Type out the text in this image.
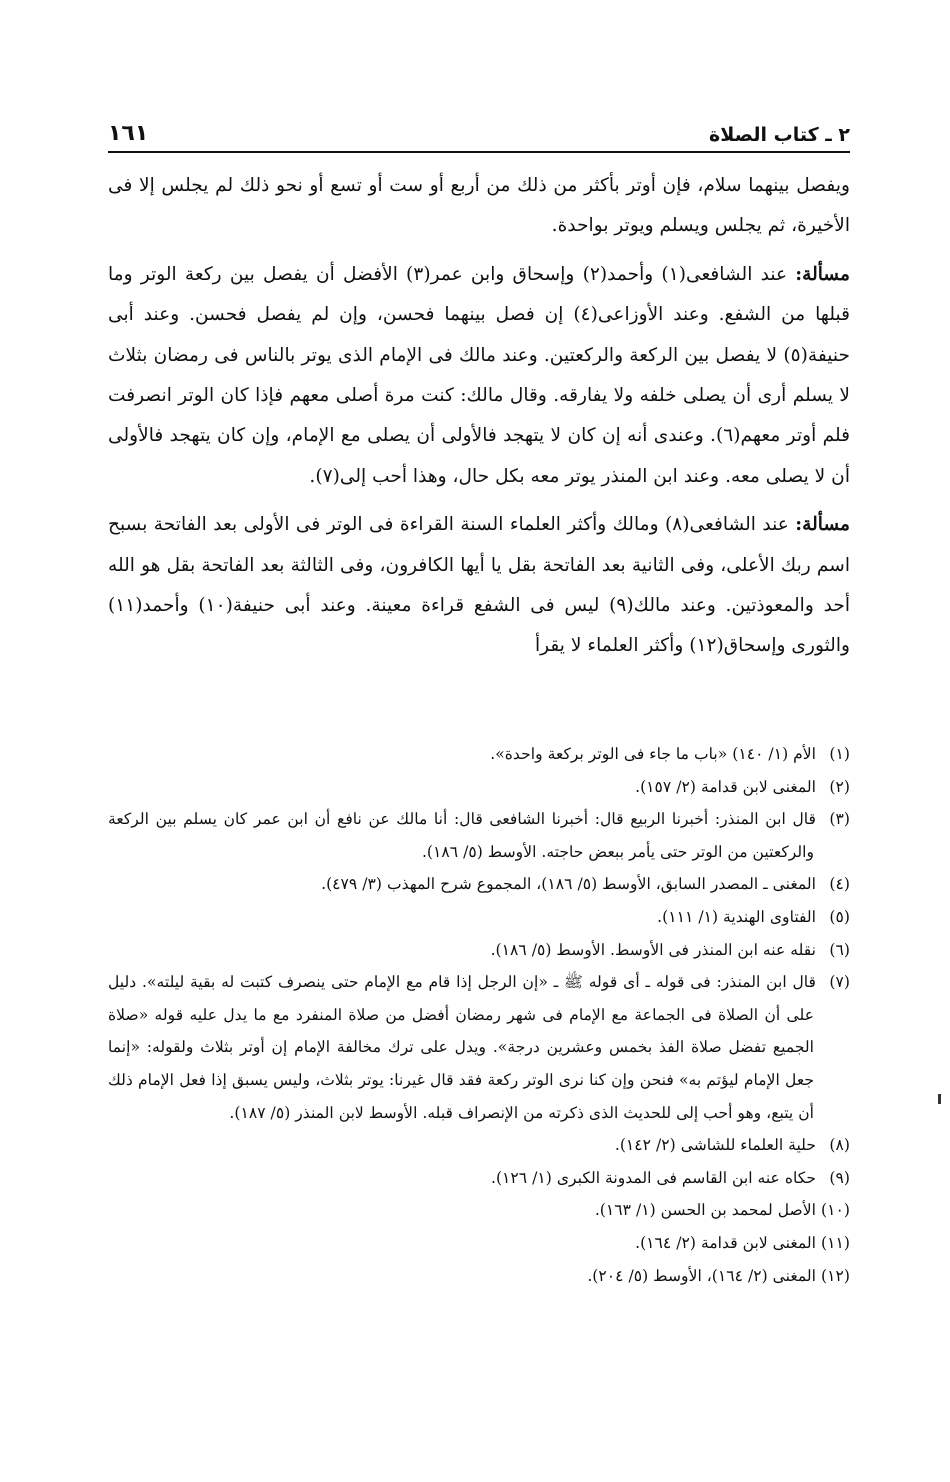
٢ ـ كتاب الصلاة
١٦١

ويفصل بينهما سلام، فإن أوتر بأكثر من ذلك من أربع أو ست أو تسع أو نحو ذلك لم يجلس إلا فى الأخيرة، ثم يجلس ويسلم ويوتر بواحدة.

مسألة: عند الشافعى(١) وأحمد(٢) وإسحاق وابن عمر(٣) الأفضل أن يفصل بين ركعة الوتر وما قبلها من الشفع. وعند الأوزاعى(٤) إن فصل بينهما فحسن، وإن لم يفصل فحسن. وعند أبى حنيفة(٥) لا يفصل بين الركعة والركعتين. وعند مالك فى الإمام الذى يوتر بالناس فى رمضان بثلاث لا يسلم أرى أن يصلى خلفه ولا يفارقه. وقال مالك: كنت مرة أصلى معهم فإذا كان الوتر انصرفت فلم أوتر معهم(٦). وعندى أنه إن كان لا يتهجد فالأولى أن يصلى مع الإمام، وإن كان يتهجد فالأولى أن لا يصلى معه. وعند ابن المنذر يوتر معه بكل حال، وهذا أحب إلى(٧).

مسألة: عند الشافعى(٨) ومالك وأكثر العلماء السنة القراءة فى الوتر فى الأولى بعد الفاتحة بسبح اسم ربك الأعلى، وفى الثانية بعد الفاتحة بقل يا أيها الكافرون، وفى الثالثة بعد الفاتحة بقل هو الله أحد والمعوذتين. وعند مالك(٩) ليس فى الشفع قراءة معينة. وعند أبى حنيفة(١٠) وأحمد(١١) والثورى وإسحاق(١٢) وأكثر العلماء لا يقرأ

(١)الأم (١/ ١٤٠) «باب ما جاء فى الوتر بركعة واحدة».

(٢)المغنى لابن قدامة (٢/ ١٥٧).

(٣)قال ابن المنذر: أخبرنا الربيع قال: أخبرنا الشافعى قال: أنا مالك عن نافع أن ابن عمر كان يسلم بين الركعة والركعتين من الوتر حتى يأمر ببعض حاجته. الأوسط (٥/ ١٨٦).

(٤)المغنى ـ المصدر السابق، الأوسط (٥/ ١٨٦)، المجموع شرح المهذب (٣/ ٤٧٩).

(٥)الفتاوى الهندية (١/ ١١١).

(٦)نقله عنه ابن المنذر فى الأوسط. الأوسط (٥/ ١٨٦).

(٧)قال ابن المنذر: فى قوله ـ أى قوله ﷺ ـ «إن الرجل إذا قام مع الإمام حتى ينصرف كتبت له بقية ليلته». دليل على أن الصلاة فى الجماعة مع الإمام فى شهر رمضان أفضل من صلاة المنفرد مع ما يدل عليه قوله «صلاة الجميع تفضل صلاة الفذ بخمس وعشرين درجة». ويدل على ترك مخالفة الإمام إن أوتر بثلاث ولقوله: «إنما جعل الإمام ليؤتم به» فنحن وإن كنا نرى الوتر ركعة فقد قال غيرنا: يوتر بثلاث، وليس يسبق إذا فعل الإمام ذلك أن يتبع، وهو أحب إلى للحديث الذى ذكرته من الإنصراف قبله. الأوسط لابن المنذر (٥/ ١٨٧).

(٨)حلية العلماء للشاشى (٢/ ١٤٢).

(٩)حكاه عنه ابن القاسم فى المدونة الكبرى (١/ ١٢٦).

(١٠)الأصل لمحمد بن الحسن (١/ ١٦٣).

(١١)المغنى لابن قدامة (٢/ ١٦٤).

(١٢)المغنى (٢/ ١٦٤)، الأوسط (٥/ ٢٠٤).
